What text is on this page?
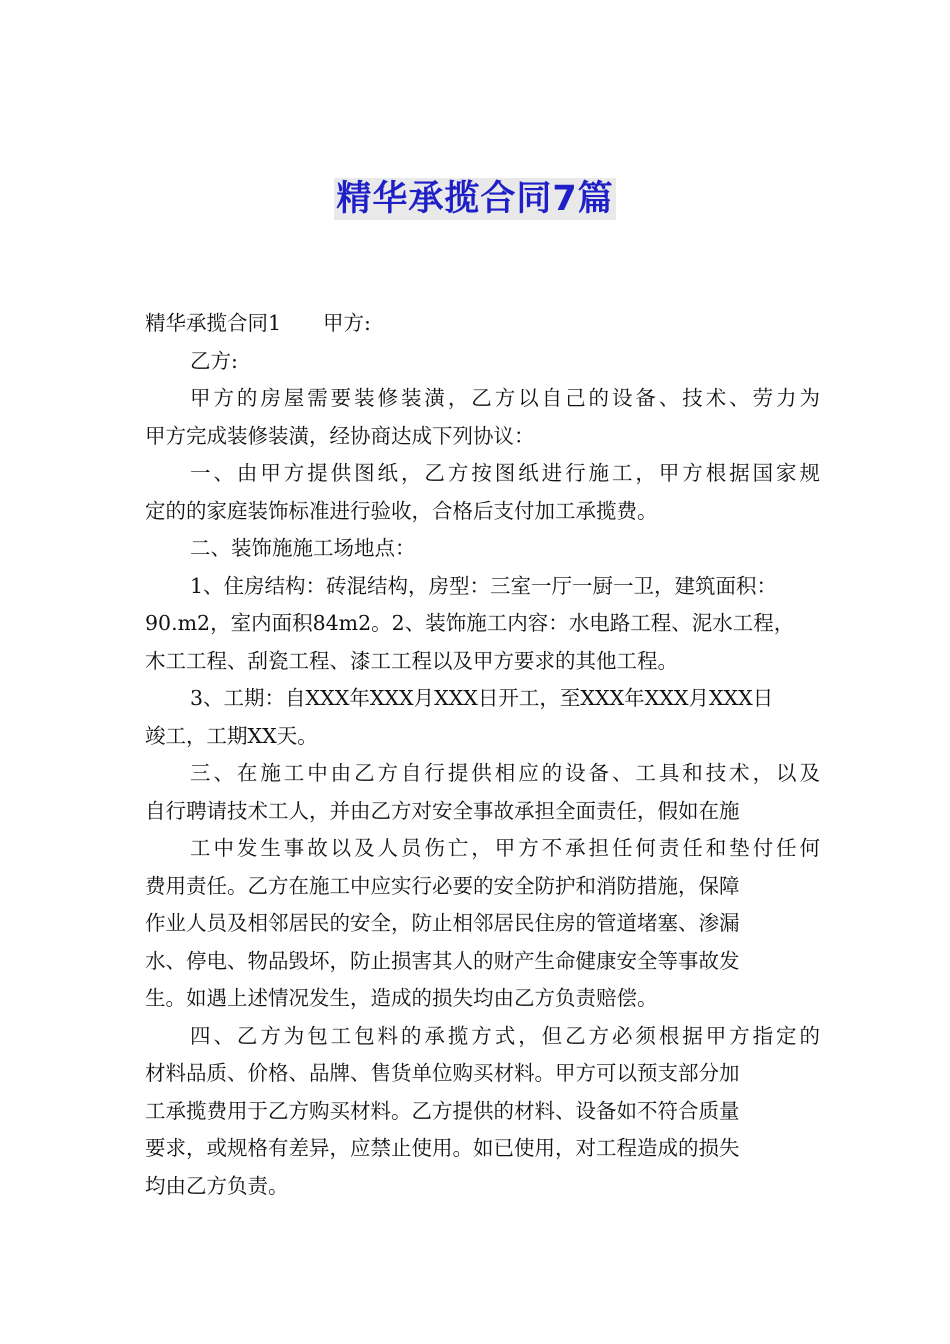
精华承揽合同7篇
精华承揽合同1 甲方:
乙方:
甲方的房屋需要装修装潢，乙方以自己的设备、技术、劳力为
甲方完成装修装潢，经协商达成下列协议：
一、由甲方提供图纸，乙方按图纸进行施工，甲方根据国家规
定的的家庭装饰标准进行验收，合格后支付加工承揽费。
二、装饰施施工场地点：
1、住房结构：砖混结构，房型：三室一厅一厨一卫，建筑面积：
90.m2，室内面积84m2。2、装饰施工内容：水电路工程、泥水工程，
木工工程、刮瓷工程、漆工工程以及甲方要求的其他工程。
3、工期：自XXX年XXX月XXX日开工，至XXX年XXX月XXX日
竣工，工期XX天。
三、在施工中由乙方自行提供相应的设备、工具和技术，以及
自行聘请技术工人，并由乙方对安全事故承担全面责任，假如在施
工中发生事故以及人员伤亡，甲方不承担任何责任和垫付任何
费用责任。乙方在施工中应实行必要的安全防护和消防措施，保障
作业人员及相邻居民的安全，防止相邻居民住房的管道堵塞、渗漏
水、停电、物品毁坏，防止损害其人的财产生命健康安全等事故发
生。如遇上述情况发生，造成的损失均由乙方负责赔偿。
四、乙方为包工包料的承揽方式，但乙方必须根据甲方指定的
材料品质、价格、品牌、售货单位购买材料。甲方可以预支部分加
工承揽费用于乙方购买材料。乙方提供的材料、设备如不符合质量
要求，或规格有差异，应禁止使用。如已使用，对工程造成的损失
均由乙方负责。
